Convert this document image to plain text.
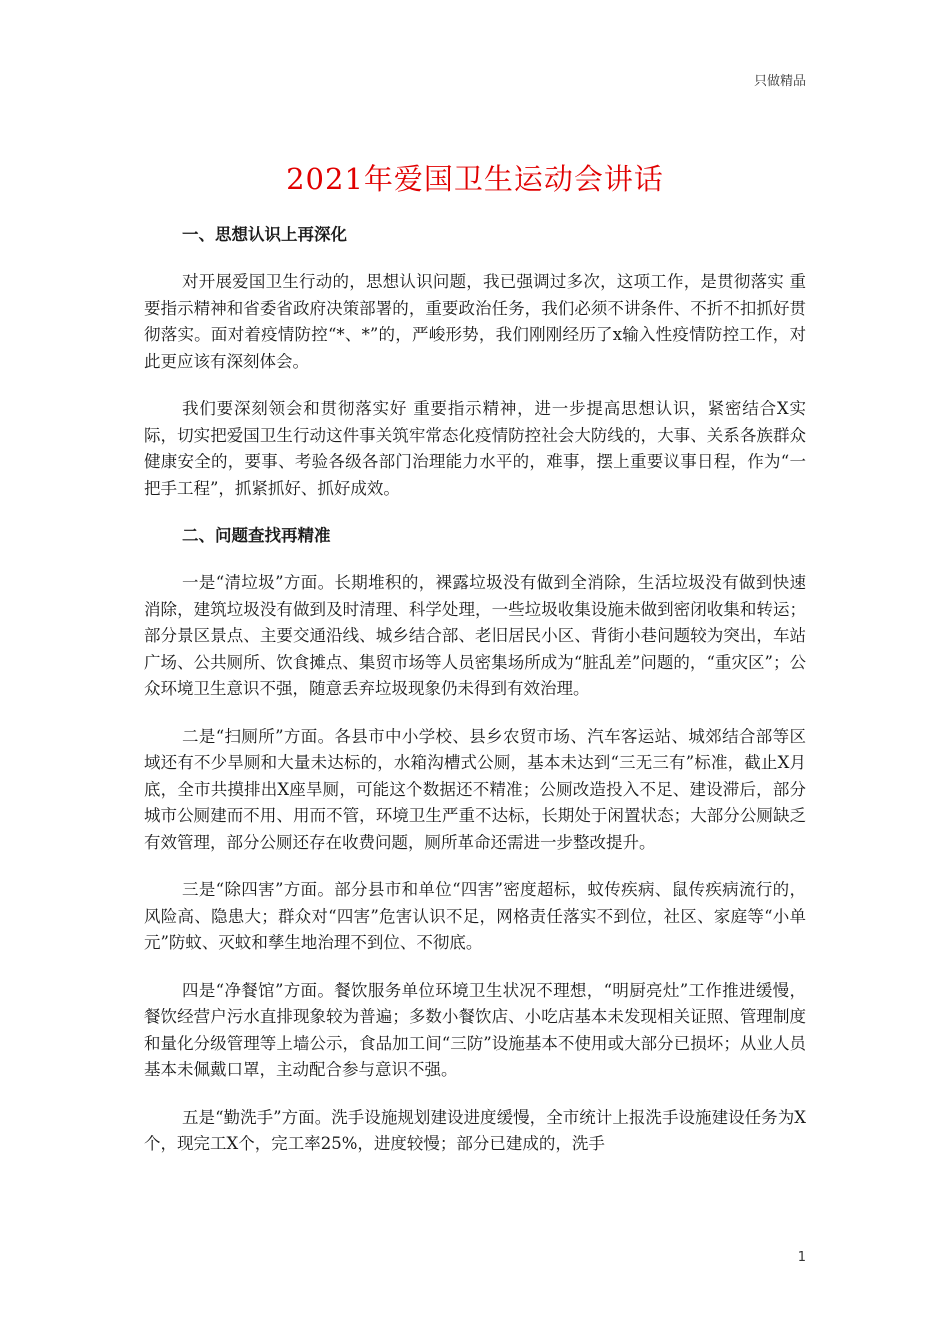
只做精品
2021年爱国卫生运动会讲话
一、思想认识上再深化

对开展爱国卫生行动的，思想认识问题，我已强调过多次，这项工作，是贯彻落实 重要指示精神和省委省政府决策部署的，重要政治任务，我们必须不讲条件、不折不扣抓好贯彻落实。面对着疫情防控“*、*”的，严峻形势，我们刚刚经历了x输入性疫情防控工作，对此更应该有深刻体会。

我们要深刻领会和贯彻落实好 重要指示精神，进一步提高思想认识，紧密结合X实际，切实把爱国卫生行动这件事关筑牢常态化疫情防控社会大防线的，大事、关系各族群众健康安全的，要事、考验各级各部门治理能力水平的，难事，摆上重要议事日程，作为“一把手工程”，抓紧抓好、抓好成效。

二、问题查找再精准

一是“清垃圾”方面。长期堆积的，裸露垃圾没有做到全消除，生活垃圾没有做到快速消除，建筑垃圾没有做到及时清理、科学处理，一些垃圾收集设施未做到密闭收集和转运；部分景区景点、主要交通沿线、城乡结合部、老旧居民小区、背街小巷问题较为突出，车站广场、公共厕所、饮食摊点、集贸市场等人员密集场所成为“脏乱差”问题的，“重灾区”；公众环境卫生意识不强，随意丢弃垃圾现象仍未得到有效治理。

二是“扫厕所”方面。各县市中小学校、县乡农贸市场、汽车客运站、城郊结合部等区域还有不少旱厕和大量未达标的，水箱沟槽式公厕，基本未达到“三无三有”标准，截止X月底，全市共摸排出X座旱厕，可能这个数据还不精准；公厕改造投入不足、建设滞后，部分城市公厕建而不用、用而不管，环境卫生严重不达标，长期处于闲置状态；大部分公厕缺乏有效管理，部分公厕还存在收费问题，厕所革命还需进一步整改提升。

三是“除四害”方面。部分县市和单位“四害”密度超标，蚊传疾病、鼠传疾病流行的，风险高、隐患大；群众对“四害”危害认识不足，网格责任落实不到位，社区、家庭等“小单元”防蚊、灭蚊和孳生地治理不到位、不彻底。

四是“净餐馆”方面。餐饮服务单位环境卫生状况不理想，“明厨亮灶”工作推进缓慢，餐饮经营户污水直排现象较为普遍；多数小餐饮店、小吃店基本未发现相关证照、管理制度和量化分级管理等上墙公示，食品加工间“三防”设施基本不使用或大部分已损坏；从业人员基本未佩戴口罩，主动配合参与意识不强。

五是“勤洗手”方面。洗手设施规划建设进度缓慢，全市统计上报洗手设施建设任务为X个，现完工X个，完工率25%，进度较慢；部分已建成的，洗手

1
